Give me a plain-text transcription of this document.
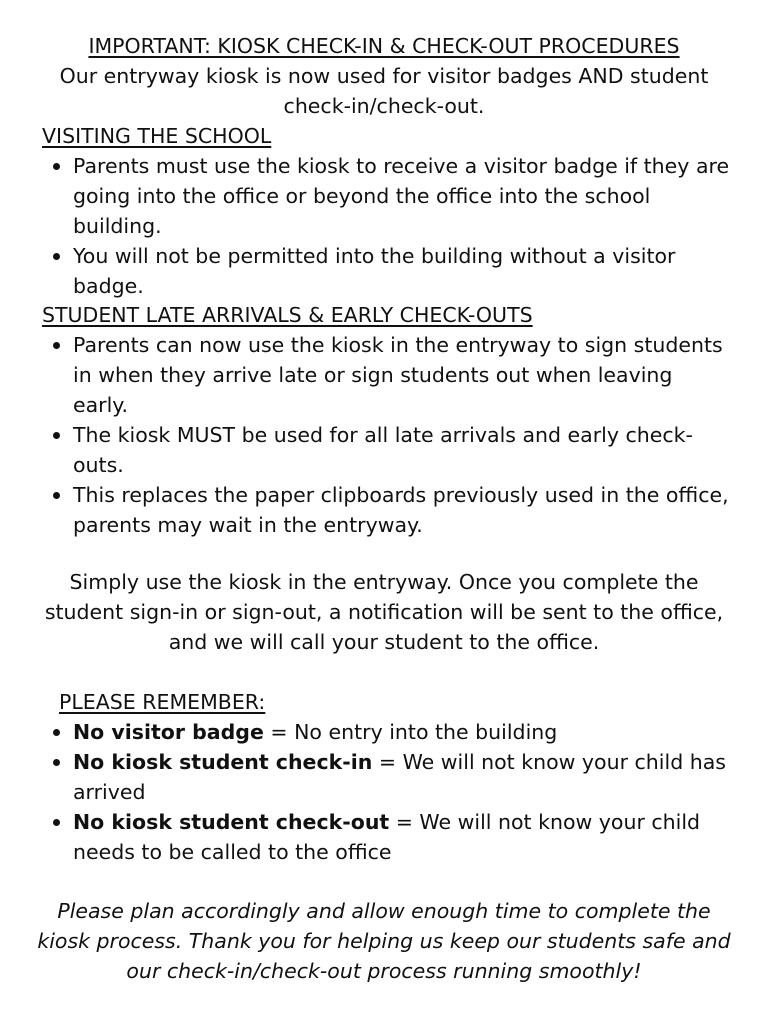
IMPORTANT: KIOSK CHECK-IN & CHECK-OUT PROCEDURES
Our entryway kiosk is now used for visitor badges AND student check-in/check-out.
VISITING THE SCHOOL
Parents must use the kiosk to receive a visitor badge if they are going into the office or beyond the office into the school building.
You will not be permitted into the building without a visitor badge.
STUDENT LATE ARRIVALS & EARLY CHECK-OUTS
Parents can now use the kiosk in the entryway to sign students in when they arrive late or sign students out when leaving early.
The kiosk MUST be used for all late arrivals and early check-outs.
This replaces the paper clipboards previously used in the office, parents may wait in the entryway.
Simply use the kiosk in the entryway. Once you complete the student sign-in or sign-out, a notification will be sent to the office, and we will call your student to the office.
PLEASE REMEMBER:
No visitor badge = No entry into the building
No kiosk student check-in = We will not know your child has arrived
No kiosk student check-out = We will not know your child needs to be called to the office
Please plan accordingly and allow enough time to complete the kiosk process. Thank you for helping us keep our students safe and our check-in/check-out process running smoothly!
